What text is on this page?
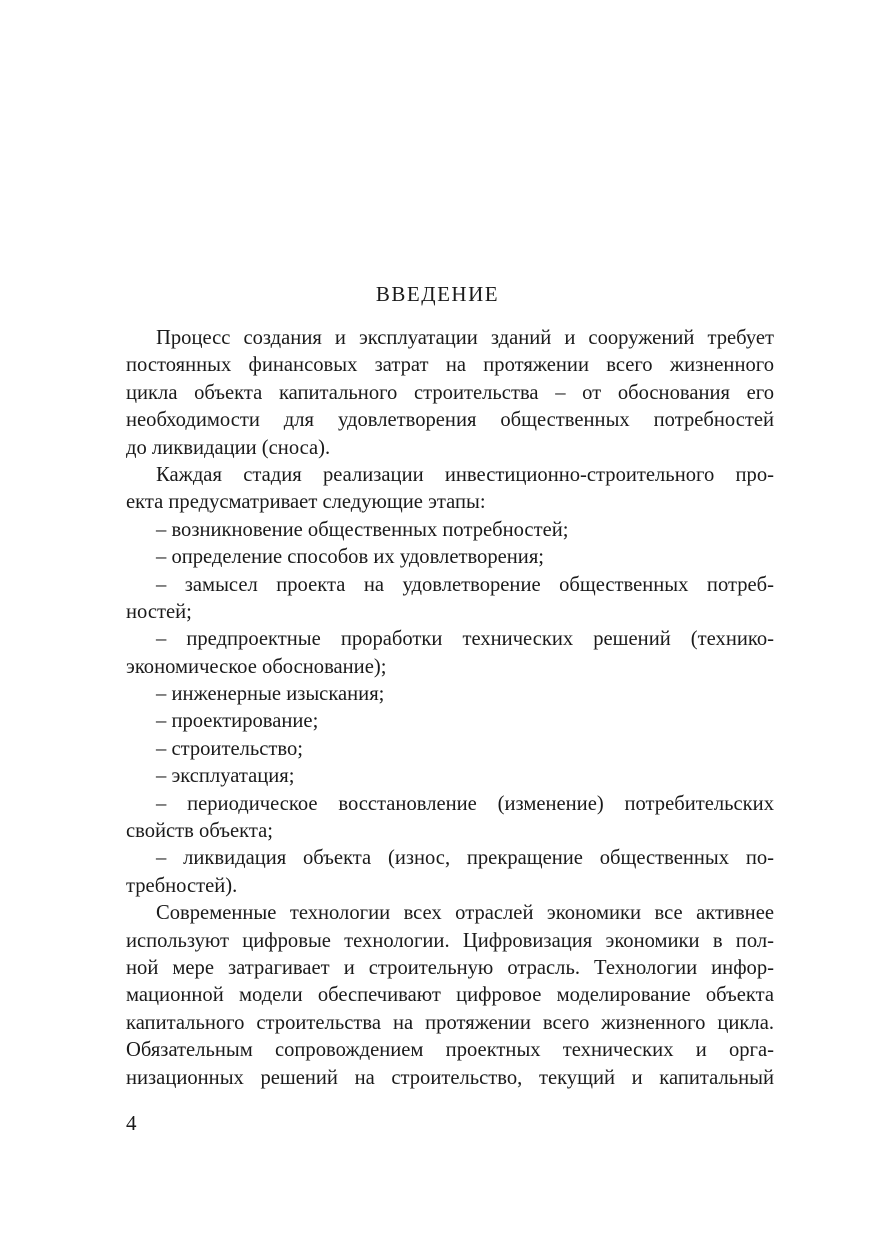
ВВЕДЕНИЕ
Процесс создания и эксплуатации зданий и сооружений требует
постоянных финансовых затрат на протяжении всего жизненного
цикла объекта капитального строительства – от обоснования его
необходимости для удовлетворения общественных потребностей
до ликвидации (сноса).
Каждая стадия реализации инвестиционно-строительного про-
екта предусматривает следующие этапы:
– возникновение общественных потребностей;
– определение способов их удовлетворения;
– замысел проекта на удовлетворение общественных потреб-
ностей;
– предпроектные проработки технических решений (технико-
экономическое обоснование);
– инженерные изыскания;
– проектирование;
– строительство;
– эксплуатация;
– периодическое восстановление (изменение) потребительских
свойств объекта;
– ликвидация объекта (износ, прекращение общественных по-
требностей).
Современные технологии всех отраслей экономики все активнее
используют цифровые технологии. Цифровизация экономики в пол-
ной мере затрагивает и строительную отрасль. Технологии инфор-
мационной модели обеспечивают цифровое моделирование объекта
капитального строительства на протяжении всего жизненного цикла.
Обязательным сопровождением проектных технических и орга-
низационных решений на строительство, текущий и капитальный

4
